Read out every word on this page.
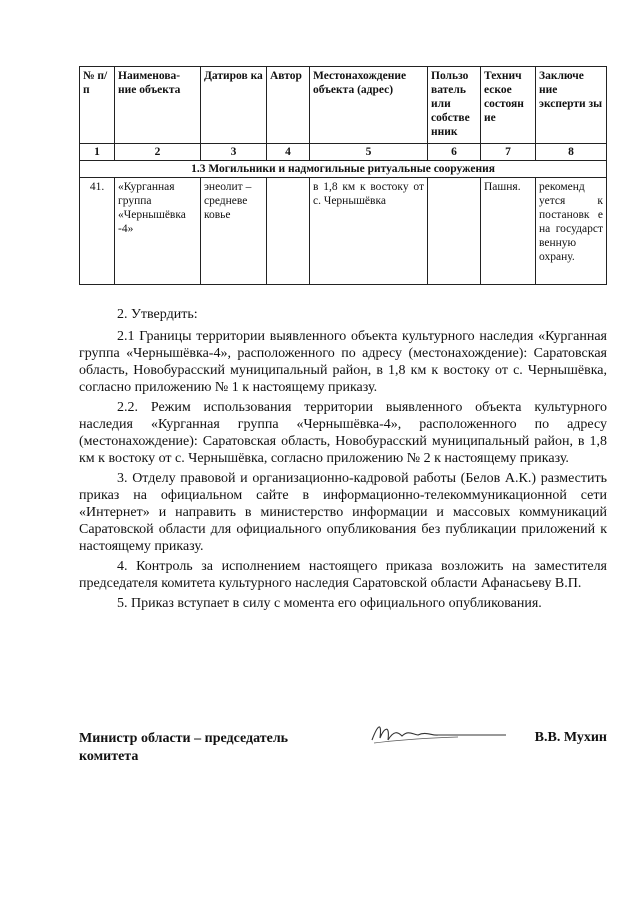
№ п/п	Наименова-ние объекта	Датиров ка	Автор	Местонахождение объекта (адрес)	Пользо ватель или собстве нник	Технич еское состоян ие	Заключе ние эксперти зы
1	2	3	4	5	6	7	8
1.3 Могильники и надмогильные ритуальные сооружения							
41.	«Курганная группа «Чернышёвка -4»	энеолит – средневе ковье		в 1,8 км к востоку от с. Чернышёвка		Пашня.	рекоменд уется к постановк е на государст венную охрану.

2. Утвердить:

2.1 Границы территории выявленного объекта культурного наследия «Курганная группа «Чернышёвка-4», расположенного по адресу (местонахождение): Саратовская область, Новобурасский муниципальный район, в 1,8 км к востоку от с. Чернышёвка, согласно приложению № 1 к настоящему приказу.

2.2. Режим использования территории выявленного объекта культурного наследия «Курганная группа «Чернышёвка-4», расположенного по адресу (местонахождение): Саратовская область, Новобурасский муниципальный район, в 1,8 км к востоку от с. Чернышёвка, согласно приложению № 2 к настоящему приказу.

3. Отделу правовой и организационно-кадровой работы (Белов А.К.) разместить приказ на официальном сайте в информационно-телекоммуникационной сети «Интернет» и направить в министерство информации и массовых коммуникаций Саратовской области для официального опубликования без публикации приложений к настоящему приказу.

4. Контроль за исполнением настоящего приказа возложить на заместителя председателя комитета культурного наследия Саратовской области Афанасьеву В.П.

5. Приказ вступает в силу с момента его официального опубликования.

Министр области – председатель комитета
В.В. Мухин
